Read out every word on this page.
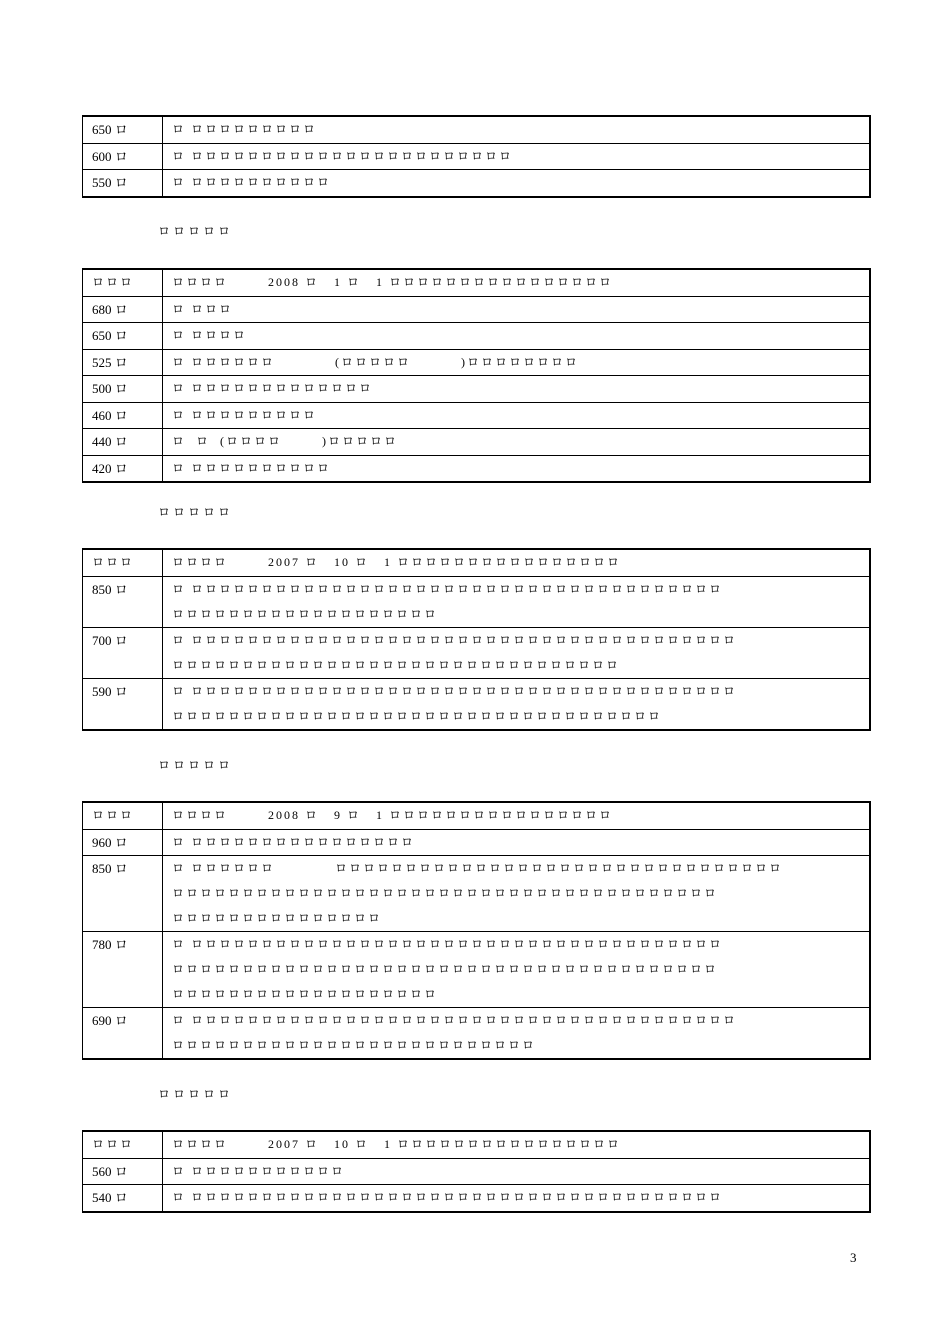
650 ロ	ロ ロロロロロロロロロ
600 ロ	ロ ロロロロロロロロロロロロロロロロロロロロロロロ
550 ロ	ロ ロロロロロロロロロロ
ロロロロロ
ロロロ	ロロロロ        2008 ロ   1 ロ   1 ロロロロロロロロロロロロロロロロ
680 ロ	ロ ロロロ
650 ロ	ロ ロロロロ
525 ロ	ロ ロロロロロロ            (ロロロロロ          )ロロロロロロロロ
500 ロ	ロ ロロロロロロロロロロロロロ
460 ロ	ロ ロロロロロロロロロ
440 ロ	ロ  ロ  (ロロロロ        )ロロロロロ
420 ロ	ロ ロロロロロロロロロロ
ロロロロロ
ロロロ	ロロロロ        2007 ロ   10 ロ   1 ロロロロロロロロロロロロロロロロ
850 ロ	ロ ロロロロロロロロロロロロロロロロロロロロロロロロロロロロロロロロロロロロロロ
ロロロロロロロロロロロロロロロロロロロ

700 ロ	ロ ロロロロロロロロロロロロロロロロロロロロロロロロロロロロロロロロロロロロロロロ
ロロロロロロロロロロロロロロロロロロロロロロロロロロロロロロロロ

590 ロ	ロ ロロロロロロロロロロロロロロロロロロロロロロロロロロロロロロロロロロロロロロロ
ロロロロロロロロロロロロロロロロロロロロロロロロロロロロロロロロロロロ
ロロロロロ
ロロロ	ロロロロ        2008 ロ   9 ロ   1 ロロロロロロロロロロロロロロロロ
960 ロ	ロ ロロロロロロロロロロロロロロロロ
850 ロ	ロ ロロロロロロ            ロロロロロロロロロロロロロロロロロロロロロロロロロロロロロロロロ
ロロロロロロロロロロロロロロロロロロロロロロロロロロロロロロロロロロロロロロロ
ロロロロロロロロロロロロロロロ

780 ロ	ロ ロロロロロロロロロロロロロロロロロロロロロロロロロロロロロロロロロロロロロロ
ロロロロロロロロロロロロロロロロロロロロロロロロロロロロロロロロロロロロロロロ
ロロロロロロロロロロロロロロロロロロロ

690 ロ	ロ ロロロロロロロロロロロロロロロロロロロロロロロロロロロロロロロロロロロロロロロ
ロロロロロロロロロロロロロロロロロロロロロロロロロロ
ロロロロロ
ロロロ	ロロロロ        2007 ロ   10 ロ   1 ロロロロロロロロロロロロロロロロ
560 ロ	ロ ロロロロロロロロロロロ
540 ロ	ロ ロロロロロロロロロロロロロロロロロロロロロロロロロロロロロロロロロロロロロロ
3
